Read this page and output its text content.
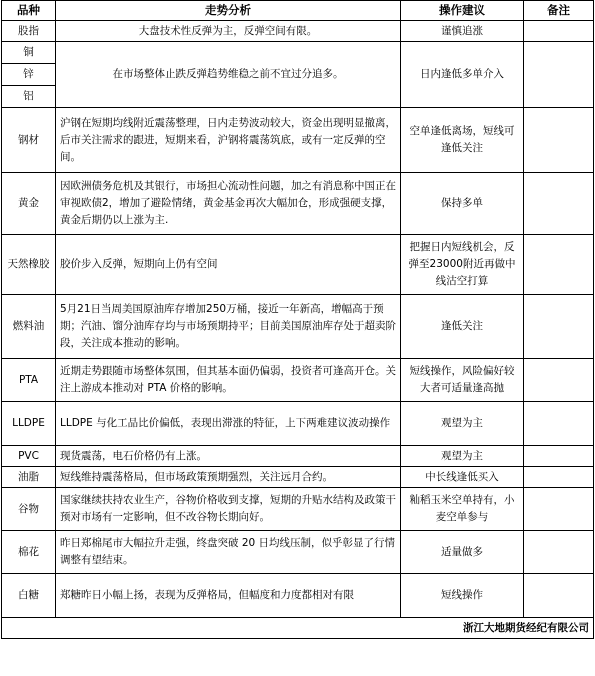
品种	走势分析	操作建议	备注
股指	大盘技术性反弹为主，反弹空间有限。	谨慎追涨	
铜	在市场整体止跌反弹趋势维稳之前不宜过分追多。	日内逢低多单介入	
锌			
铝			
钢材	沪钢在短期均线附近震荡整理，日内走势波动较大，资金出现明显撤离，后市关注需求的跟进，短期来看，沪钢将震荡筑底，或有一定反弹的空间。	空单逢低离场，短线可逢低关注	
黄金	因欧洲债务危机及其银行，市场担心流动性问题，加之有消息称中国正在审视欧债2，增加了避险情绪，黄金基金再次大幅加仓，形成强硬支撑，黄金后期仍以上涨为主.	保持多单	
天然橡胶	胶价步入反弹，短期向上仍有空间	把握日内短线机会，反弹至23000附近再做中线沽空打算	
燃料油	5月21日当周美国原油库存增加250万桶，接近一年新高，增幅高于预期；汽油、馏分油库存均与市场预期持平；目前美国原油库存处于超卖阶段，关注成本推动的影响。	逢低关注	
PTA	近期走势跟随市场整体氛围，但其基本面仍偏弱，投资者可逢高开仓。关注上游成本推动对 PTA 价格的影响。	短线操作，风险偏好较大者可适量逢高抛	
LLDPE	LLDPE 与化工品比价偏低，表现出滞涨的特征，上下两难建议波动操作	观望为主	
PVC	现货震荡，电石价格仍有上涨。	观望为主	
油脂	短线维持震荡格局，但市场政策预期强烈，关注远月合约。	中长线逢低买入	
谷物	国家继续扶持农业生产，谷物价格收到支撑，短期的升贴水结构及政策干预对市场有一定影响，但不改谷物长期向好。	籼稻玉米空单持有，小麦空单参与	
棉花	昨日郑棉尾市大幅拉升走强，终盘突破 20 日均线压制，似乎彰显了行情调整有望结束。	适量做多	
白糖	郑糖昨日小幅上扬，表现为反弹格局，但幅度和力度都相对有限	短线操作	
浙江大地期货经纪有限公司			
